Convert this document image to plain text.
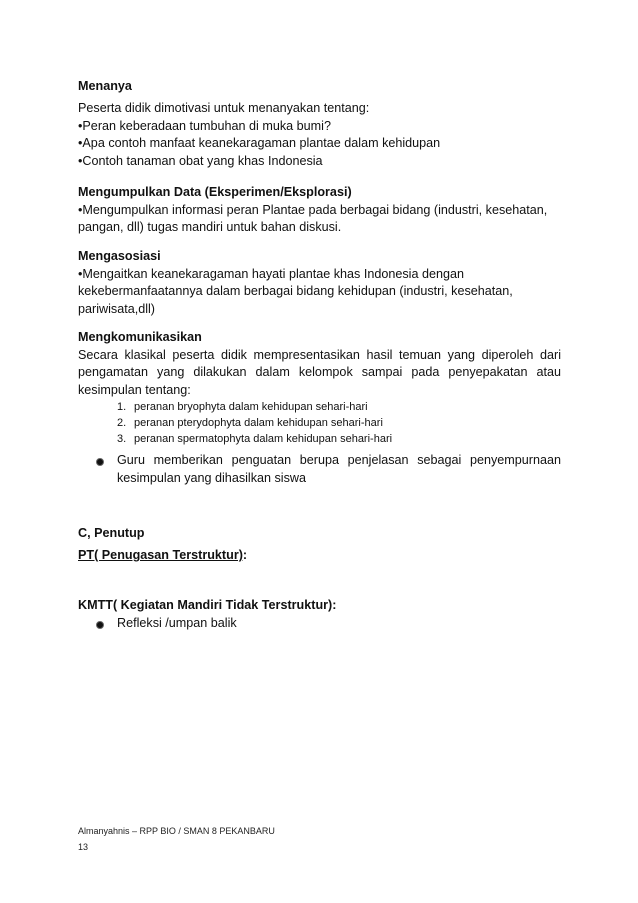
Menanya

Peserta didik dimotivasi untuk menanyakan tentang:

•Peran keberadaan tumbuhan di muka bumi?

•Apa contoh manfaat keanekaragaman plantae dalam kehidupan

•Contoh tanaman obat yang khas Indonesia

Mengumpulkan Data (Eksperimen/Eksplorasi)

•Mengumpulkan informasi peran Plantae pada berbagai bidang (industri, kesehatan,

pangan, dll) tugas mandiri untuk bahan diskusi.

Mengasosiasi

•Mengaitkan keanekaragaman hayati plantae khas Indonesia dengan

kekebermanfaatannya dalam berbagai bidang kehidupan (industri, kesehatan,

pariwisata,dll)

Mengkomunikasikan

Secara klasikal peserta didik mempresentasikan hasil temuan yang diperoleh dari pengamatan yang dilakukan dalam kelompok sampai pada penyepakatan atau kesimpulan tentang:

1. peranan bryophyta dalam kehidupan sehari-hari
2. peranan pterydophyta dalam kehidupan sehari-hari
3. peranan spermatophyta dalam kehidupan sehari-hari

Guru memberikan penguatan berupa penjelasan sebagai penyempurnaan

kesimpulan yang dihasilkan siswa

C, Penutup

PT( Penugasan Terstruktur):

KMTT( Kegiatan Mandiri Tidak Terstruktur):

Refleksi /umpan balik

Almanyahnis – RPP BIO / SMAN 8 PEKANBARU
13
